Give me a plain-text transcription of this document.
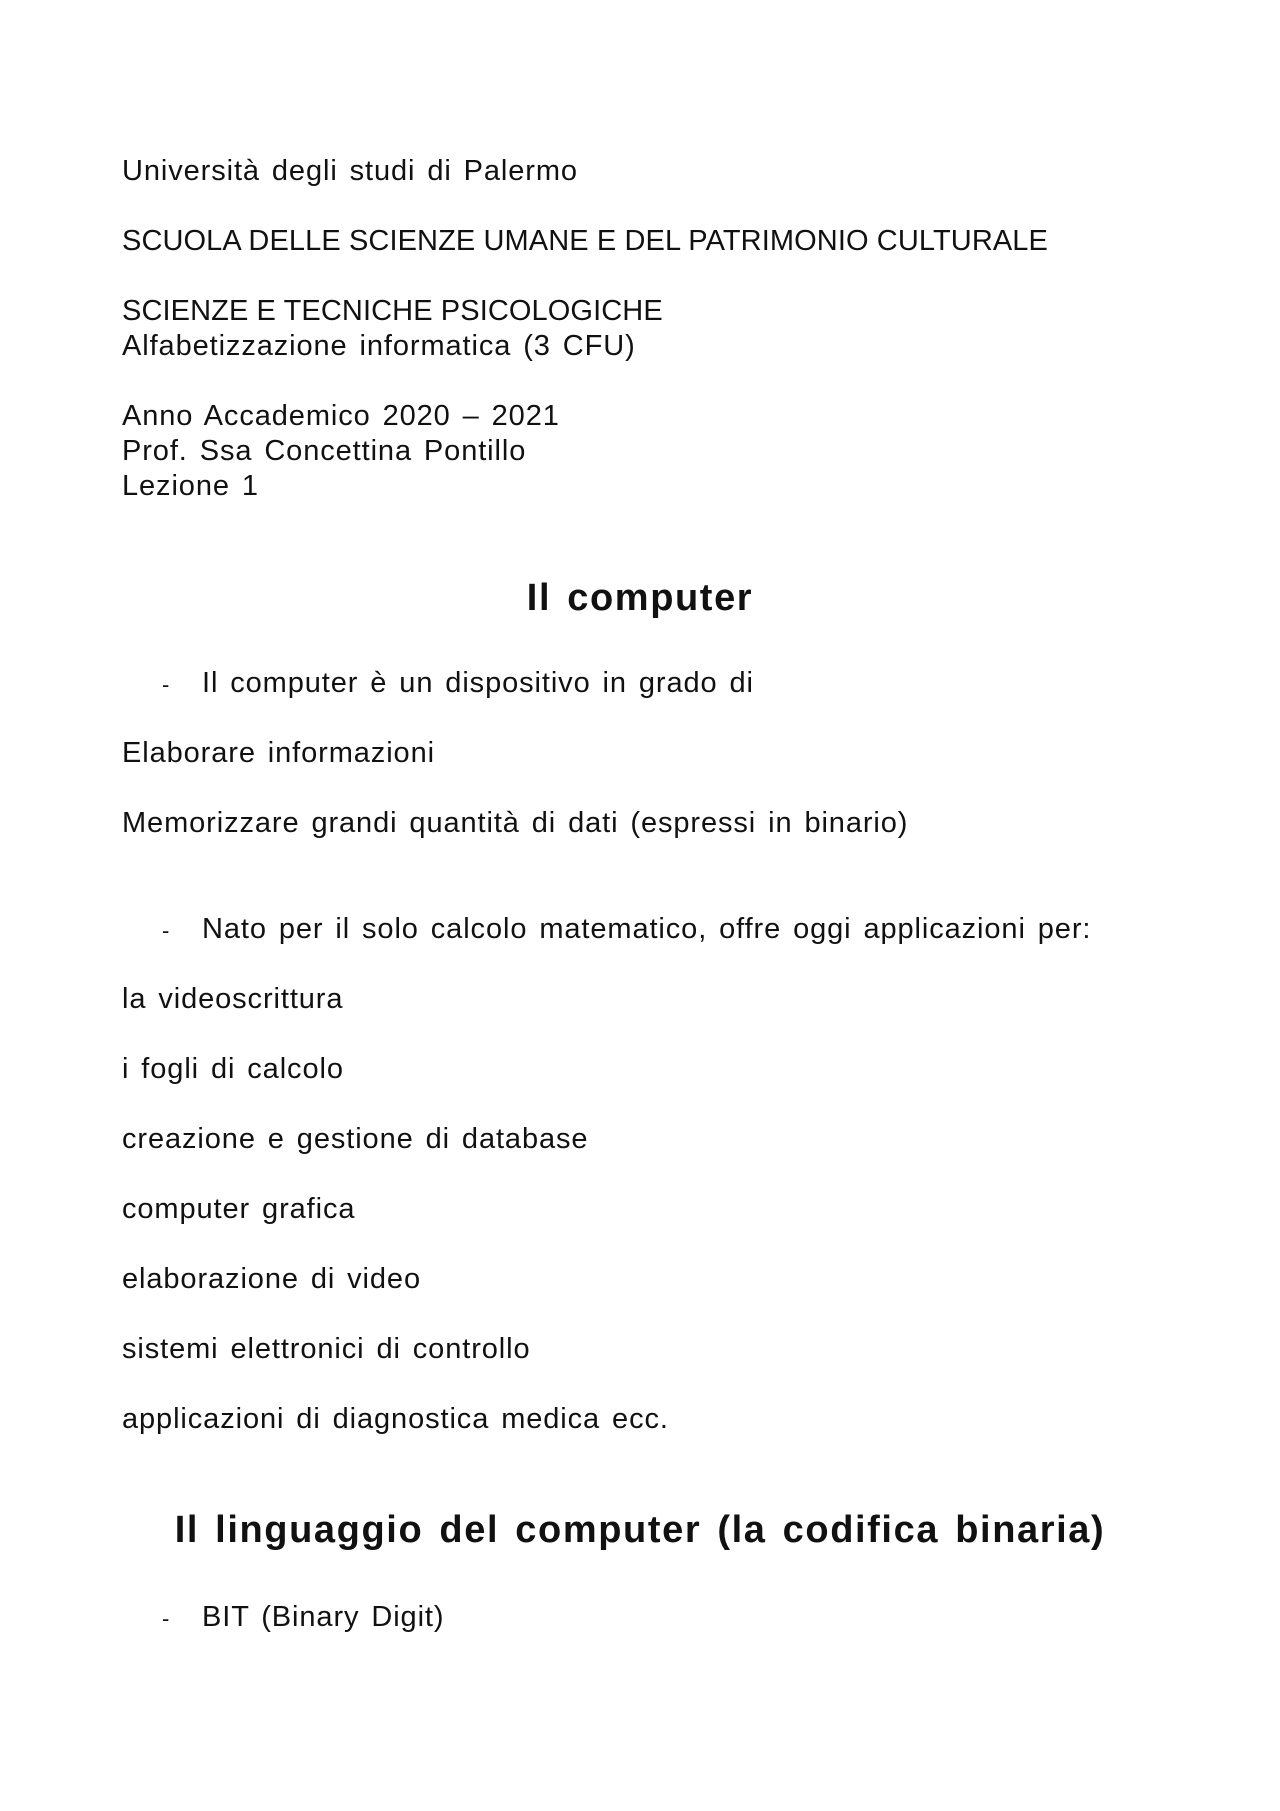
Università degli studi di Palermo
SCUOLA DELLE SCIENZE UMANE E DEL PATRIMONIO CULTURALE
SCIENZE E TECNICHE PSICOLOGICHE
Alfabetizzazione informatica (3 CFU)
Anno Accademico 2020 – 2021
Prof. Ssa Concettina Pontillo
Lezione 1
Il computer
- Il computer è un dispositivo in grado di
Elaborare informazioni
Memorizzare grandi quantità di dati (espressi in binario)
- Nato per il solo calcolo matematico, offre oggi applicazioni per:
la videoscrittura
i fogli di calcolo
creazione e gestione di database
computer grafica
elaborazione di video
sistemi elettronici di controllo
applicazioni di diagnostica medica ecc.
Il linguaggio del computer (la codifica binaria)
- BIT (Binary Digit)
